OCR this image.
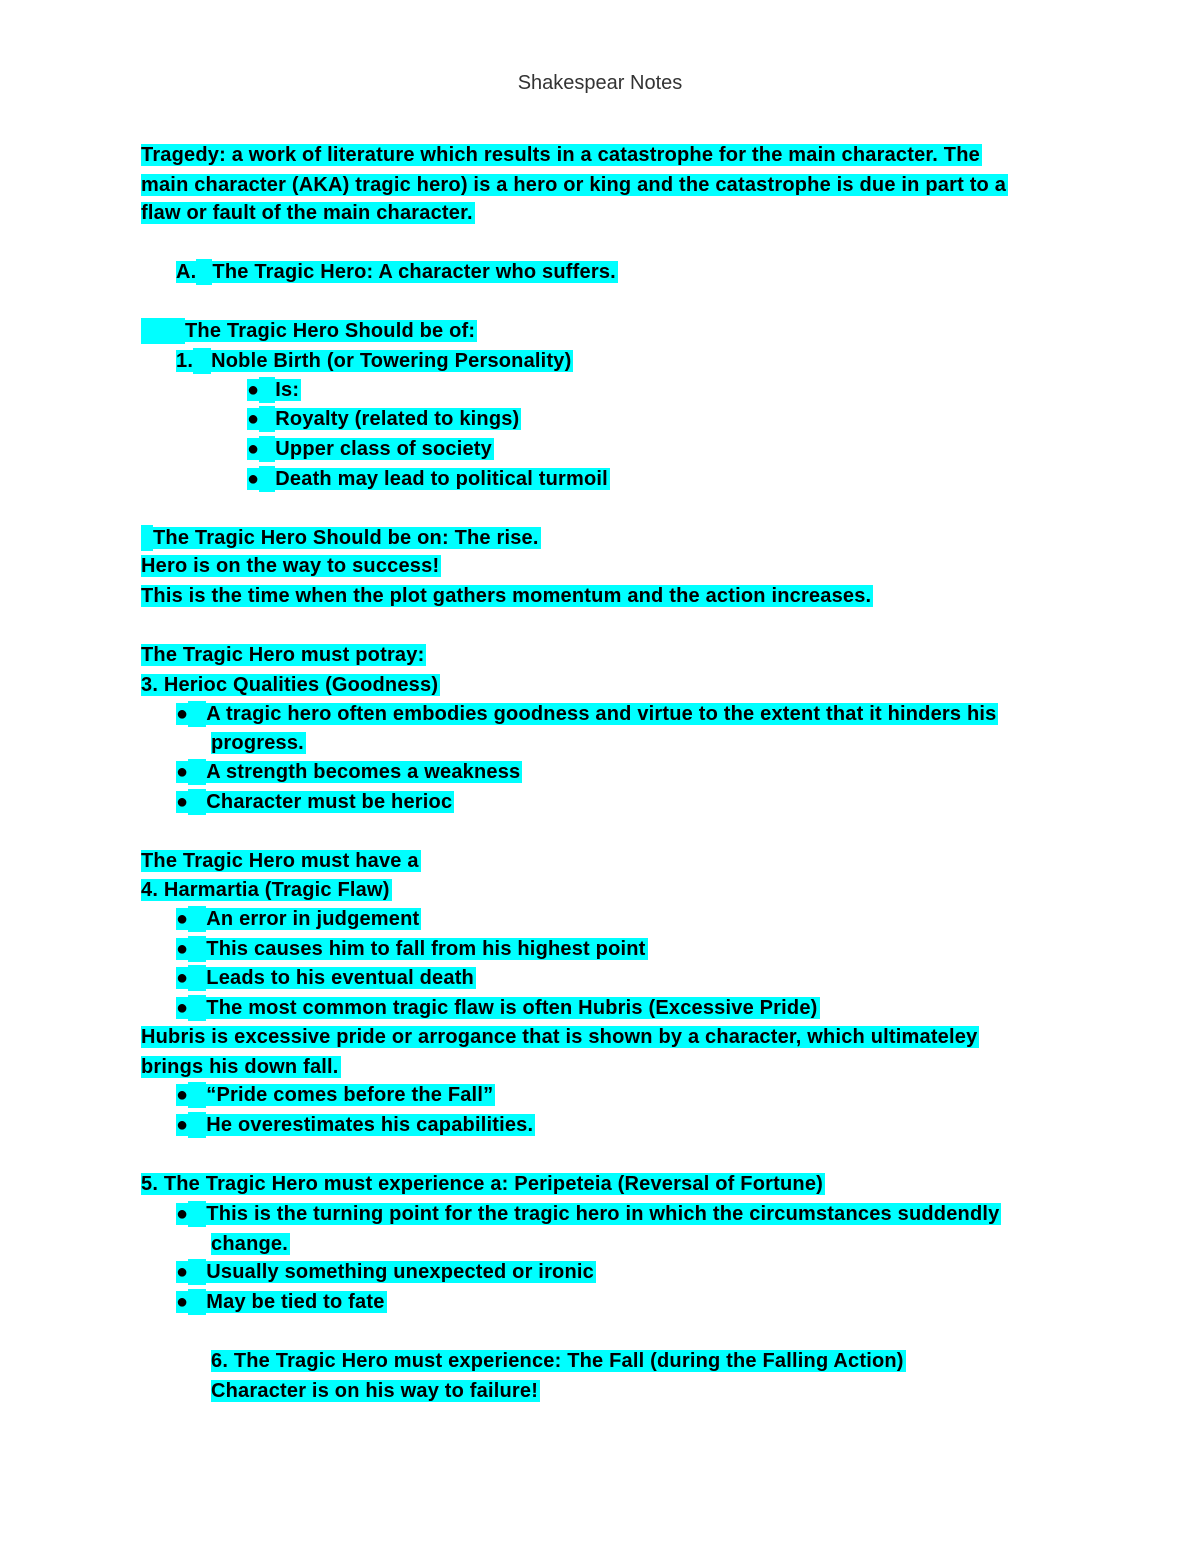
Shakespear Notes
Tragedy: a work of literature which results in a catastrophe for the main character. The
main character (AKA) tragic hero) is a hero or king and the catastrophe is due in part to a
flaw or fault of the main character.
A. The Tragic Hero: A character who suffers.
The Tragic Hero Should be of:
1. Noble Birth (or Towering Personality)
● Is:
● Royalty (related to kings)
● Upper class of society
● Death may lead to political turmoil
The Tragic Hero Should be on: The rise.
Hero is on the way to success!
This is the time when the plot gathers momentum and the action increases.
The Tragic Hero must potray:
3. Herioc Qualities (Goodness)
● A tragic hero often embodies goodness and virtue to the extent that it hinders his
progress.
● A strength becomes a weakness
● Character must be herioc
The Tragic Hero must have a
4. Harmartia (Tragic Flaw)
● An error in judgement
● This causes him to fall from his highest point
● Leads to his eventual death
● The most common tragic flaw is often Hubris (Excessive Pride)
Hubris is excessive pride or arrogance that is shown by a character, which ultimateley
brings his down fall.
● “Pride comes before the Fall”
● He overestimates his capabilities.
5. The Tragic Hero must experience a: Peripeteia (Reversal of Fortune)
● This is the turning point for the tragic hero in which the circumstances suddendly
change.
● Usually something unexpected or ironic
● May be tied to fate
6. The Tragic Hero must experience: The Fall (during the Falling Action)
Character is on his way to failure!
